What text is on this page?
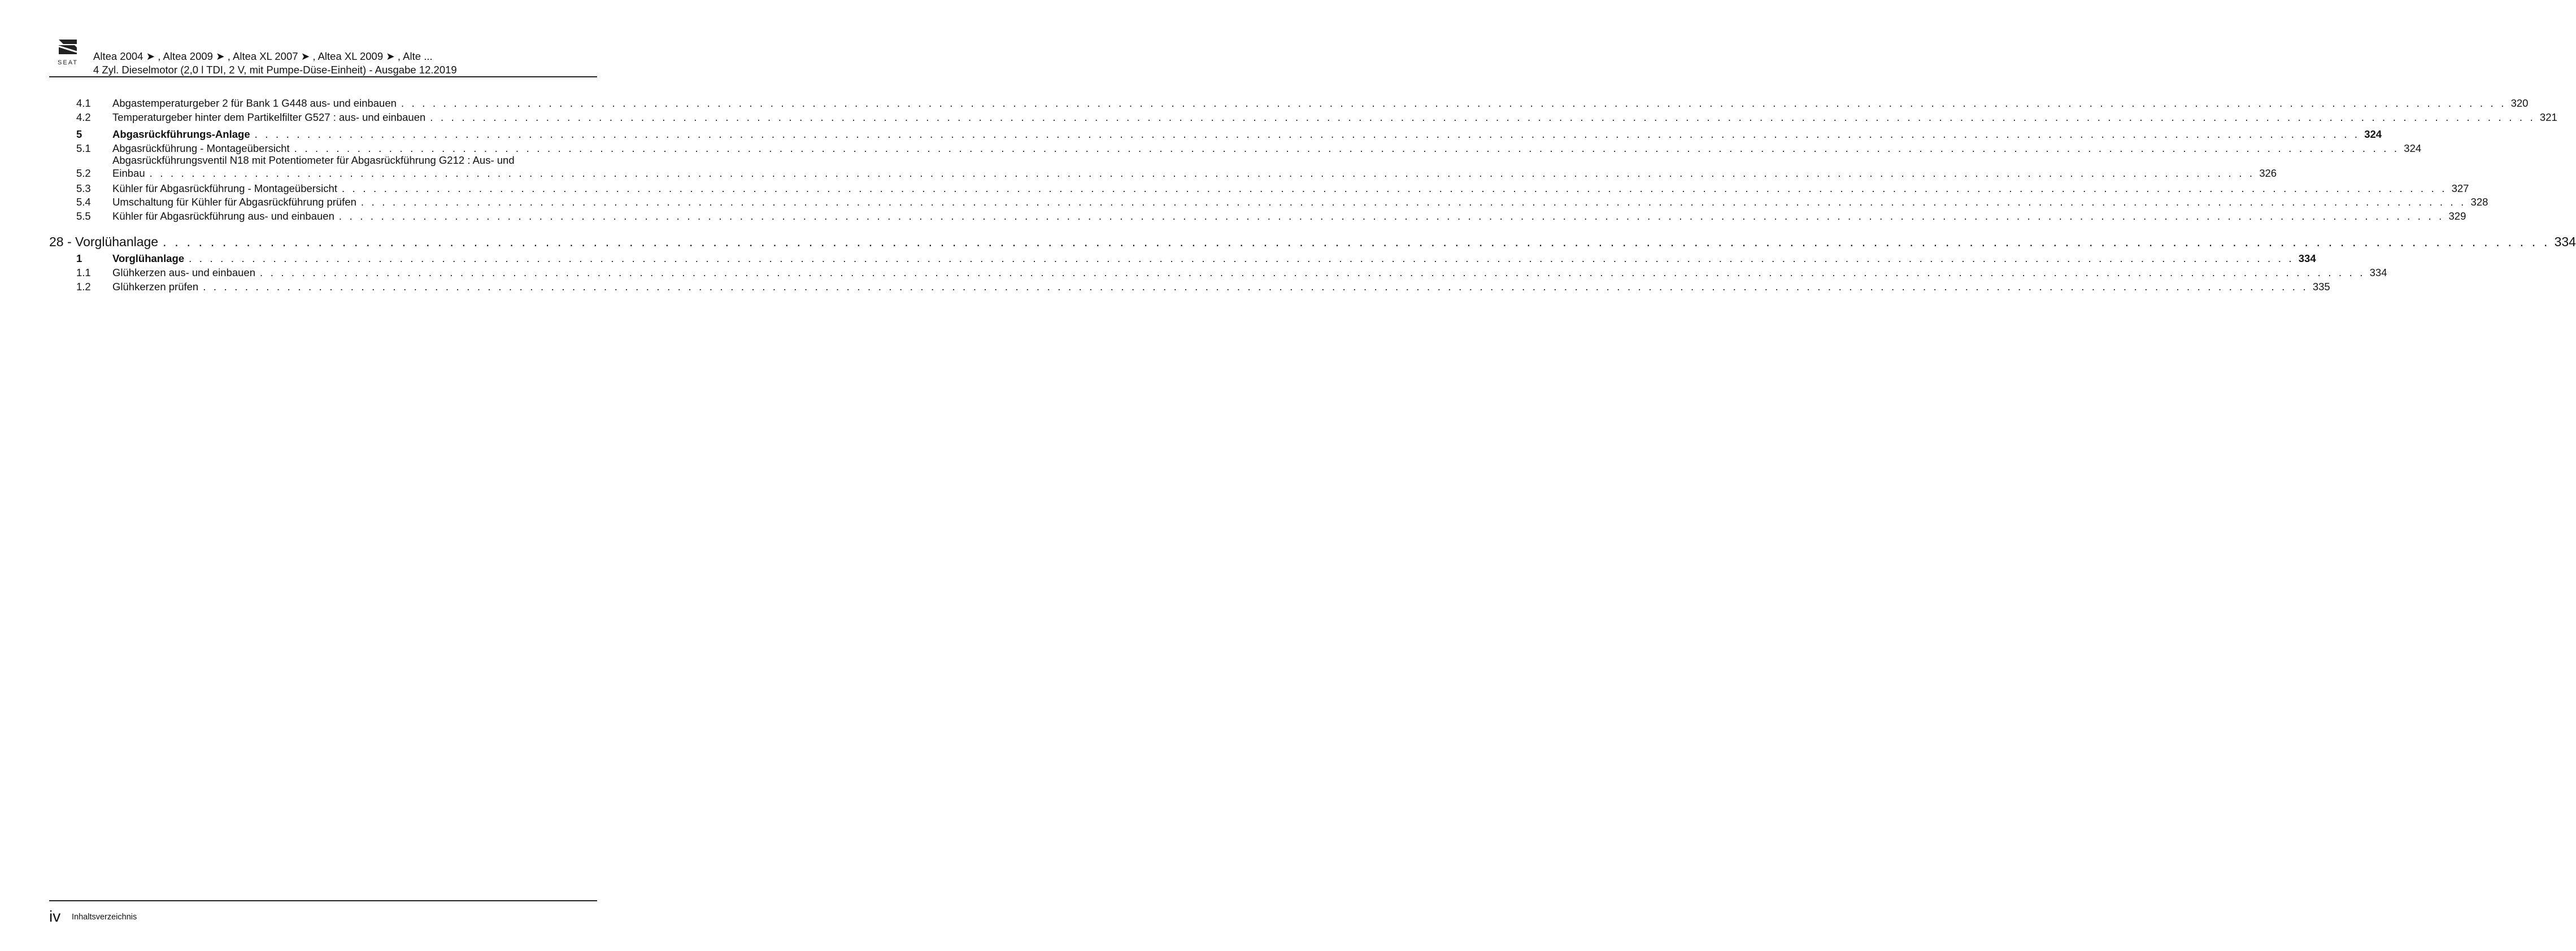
SEAT
Altea 2004 ➤ , Altea 2009 ➤ , Altea XL 2007 ➤ , Altea XL 2009 ➤ , Alte ...
4 Zyl. Dieselmotor (2,0 l TDI, 2 V, mit Pumpe-Düse-Einheit) - Ausgabe 12.2019
4.1	Abgastemperaturgeber 2 für Bank 1 G448 aus- und einbauen . . . . . . . . . . . . . . . . . . . . . . . . . . . . . . . . . . . . . . . . . . . . . . . . . . . . . . . . . . . . . . . . . . . . . . . . . . . . . . . . . . . . . . . . . . . . . . . . . . . . . . . . . . . . . . . . . . . . . . . . . . . . . . . . . . . . . . . . . . . . . . . . . . . . . . . . . . . . . . . . . . . . . . . . . . . . . . . . . . . . . . . . . . . . . . . . . . . . . . . . 320
4.2	Temperaturgeber hinter dem Partikelfilter G527 : aus- und einbauen . . . . . . . . . . . . . . . . . . . . . . . . . . . . . . . . . . . . . . . . . . . . . . . . . . . . . . . . . . . . . . . . . . . . . . . . . . . . . . . . . . . . . . . . . . . . . . . . . . . . . . . . . . . . . . . . . . . . . . . . . . . . . . . . . . . . . . . . . . . . . . . . . . . . . . . . . . . . . . . . . . . . . . . . . . . . . . . . . . . . . . . . . . . . . . . . . . . . . . . . 321
5	Abgasrückführungs-Anlage . . . . . . . . . . . . . . . . . . . . . . . . . . . . . . . . . . . . . . . . . . . . . . . . . . . . . . . . . . . . . . . . . . . . . . . . . . . . . . . . . . . . . . . . . . . . . . . . . . . . . . . . . . . . . . . . . . . . . . . . . . . . . . . . . . . . . . . . . . . . . . . . . . . . . . . . . . . . . . . . . . . . . . . . . . . . . . . . . . . . . . . . . . . . . . . . . . . . . . . . 324
5.1	Abgasrückführung - Montageübersicht . . . . . . . . . . . . . . . . . . . . . . . . . . . . . . . . . . . . . . . . . . . . . . . . . . . . . . . . . . . . . . . . . . . . . . . . . . . . . . . . . . . . . . . . . . . . . . . . . . . . . . . . . . . . . . . . . . . . . . . . . . . . . . . . . . . . . . . . . . . . . . . . . . . . . . . . . . . . . . . . . . . . . . . . . . . . . . . . . . . . . . . . . . . . . . . . . . . . . . . . 324
Abgasrückführungsventil N18 mit Potentiometer für Abgasrückführung G212 : Aus- und
5.2	Einbau . . . . . . . . . . . . . . . . . . . . . . . . . . . . . . . . . . . . . . . . . . . . . . . . . . . . . . . . . . . . . . . . . . . . . . . . . . . . . . . . . . . . . . . . . . . . . . . . . . . . . . . . . . . . . . . . . . . . . . . . . . . . . . . . . . . . . . . . . . . . . . . . . . . . . . . . . . . . . . . . . . . . . . . . . . . . . . . . . . . . . . . . . . . . . . . . . . . . . . . . 326
5.3	Kühler für Abgasrückführung - Montageübersicht . . . . . . . . . . . . . . . . . . . . . . . . . . . . . . . . . . . . . . . . . . . . . . . . . . . . . . . . . . . . . . . . . . . . . . . . . . . . . . . . . . . . . . . . . . . . . . . . . . . . . . . . . . . . . . . . . . . . . . . . . . . . . . . . . . . . . . . . . . . . . . . . . . . . . . . . . . . . . . . . . . . . . . . . . . . . . . . . . . . . . . . . . . . . . . . . . . . . . . . . 327
5.4	Umschaltung für Kühler für Abgasrückführung prüfen . . . . . . . . . . . . . . . . . . . . . . . . . . . . . . . . . . . . . . . . . . . . . . . . . . . . . . . . . . . . . . . . . . . . . . . . . . . . . . . . . . . . . . . . . . . . . . . . . . . . . . . . . . . . . . . . . . . . . . . . . . . . . . . . . . . . . . . . . . . . . . . . . . . . . . . . . . . . . . . . . . . . . . . . . . . . . . . . . . . . . . . . . . . . . . . . . . . . . . . . 328
5.5	Kühler für Abgasrückführung aus- und einbauen . . . . . . . . . . . . . . . . . . . . . . . . . . . . . . . . . . . . . . . . . . . . . . . . . . . . . . . . . . . . . . . . . . . . . . . . . . . . . . . . . . . . . . . . . . . . . . . . . . . . . . . . . . . . . . . . . . . . . . . . . . . . . . . . . . . . . . . . . . . . . . . . . . . . . . . . . . . . . . . . . . . . . . . . . . . . . . . . . . . . . . . . . . . . . . . . . . . . . . . . 329
28 - Vorglühanlage . . . . . . . . . . . . . . . . . . . . . . . . . . . . . . . . . . . . . . . . . . . . . . . . . . . . . . . . . . . . . . . . . . . . . . . . . . . . . . . . . . . . . . . . . . . . . . . . . . . . . . . . . . . . . . . . . . . . . . . . . . . . . . . . . . . . . . . . . . . . . . . . . . . . . . . . . . . . . . . . . . . . . . . . . . . . . . . . . . . . . . . . . . . . . . . . . . . . . . . . 334
1	Vorglühanlage . . . . . . . . . . . . . . . . . . . . . . . . . . . . . . . . . . . . . . . . . . . . . . . . . . . . . . . . . . . . . . . . . . . . . . . . . . . . . . . . . . . . . . . . . . . . . . . . . . . . . . . . . . . . . . . . . . . . . . . . . . . . . . . . . . . . . . . . . . . . . . . . . . . . . . . . . . . . . . . . . . . . . . . . . . . . . . . . . . . . . . . . . . . . . . . . . . . . . . . . 334
1.1	Glühkerzen aus- und einbauen . . . . . . . . . . . . . . . . . . . . . . . . . . . . . . . . . . . . . . . . . . . . . . . . . . . . . . . . . . . . . . . . . . . . . . . . . . . . . . . . . . . . . . . . . . . . . . . . . . . . . . . . . . . . . . . . . . . . . . . . . . . . . . . . . . . . . . . . . . . . . . . . . . . . . . . . . . . . . . . . . . . . . . . . . . . . . . . . . . . . . . . . . . . . . . . . . . . . . . . . 334
1.2	Glühkerzen prüfen . . . . . . . . . . . . . . . . . . . . . . . . . . . . . . . . . . . . . . . . . . . . . . . . . . . . . . . . . . . . . . . . . . . . . . . . . . . . . . . . . . . . . . . . . . . . . . . . . . . . . . . . . . . . . . . . . . . . . . . . . . . . . . . . . . . . . . . . . . . . . . . . . . . . . . . . . . . . . . . . . . . . . . . . . . . . . . . . . . . . . . . . . . . . . . . . . . . . . . . . 335
iv Inhaltsverzeichnis
